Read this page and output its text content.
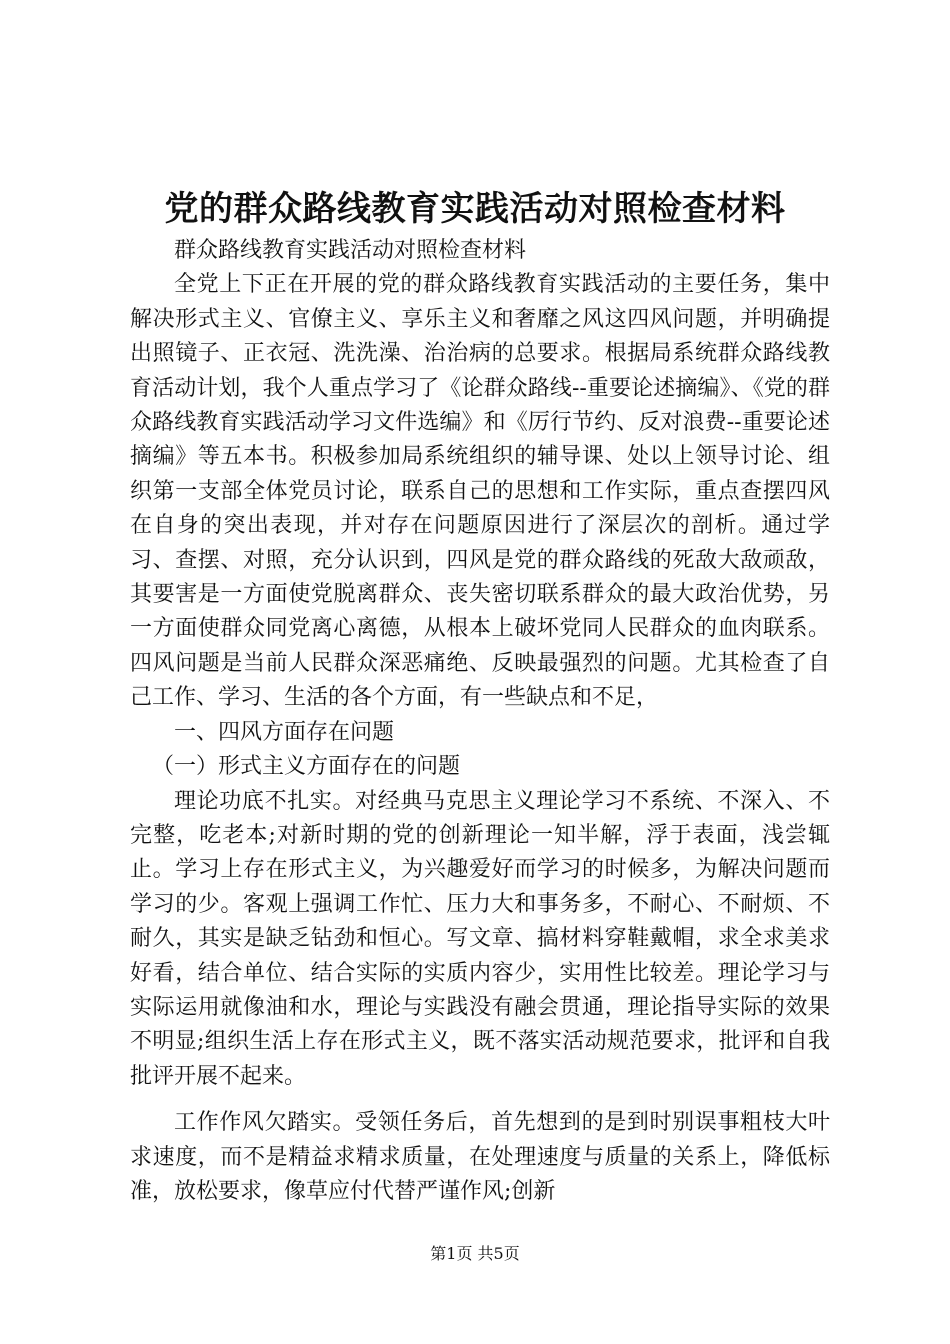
党的群众路线教育实践活动对照检查材料

群众路线教育实践活动对照检查材料

全党上下正在开展的党的群众路线教育实践活动的主要任务，集中解决形式主义、官僚主义、享乐主义和奢靡之风这四风问题，并明确提出照镜子、正衣冠、洗洗澡、治治病的总要求。根据局系统群众路线教育活动计划，我个人重点学习了《论群众路线--重要论述摘编》、《党的群众路线教育实践活动学习文件选编》和《厉行节约、反对浪费--重要论述摘编》等五本书。积极参加局系统组织的辅导课、处以上领导讨论、组织第一支部全体党员讨论，联系自己的思想和工作实际，重点查摆四风在自身的突出表现，并对存在问题原因进行了深层次的剖析。通过学习、查摆、对照，充分认识到，四风是党的群众路线的死敌大敌顽敌，其要害是一方面使党脱离群众、丧失密切联系群众的最大政治优势，另一方面使群众同党离心离德，从根本上破坏党同人民群众的血肉联系。四风问题是当前人民群众深恶痛绝、反映最强烈的问题。尤其检查了自己工作、学习、生活的各个方面，有一些缺点和不足，

一、四风方面存在问题

（一）形式主义方面存在的问题

理论功底不扎实。对经典马克思主义理论学习不系统、不深入、不完整，吃老本;对新时期的党的创新理论一知半解，浮于表面，浅尝辄止。学习上存在形式主义，为兴趣爱好而学习的时候多，为解决问题而学习的少。客观上强调工作忙、压力大和事务多，不耐心、不耐烦、不耐久，其实是缺乏钻劲和恒心。写文章、搞材料穿鞋戴帽，求全求美求好看，结合单位、结合实际的实质内容少，实用性比较差。理论学习与实际运用就像油和水，理论与实践没有融会贯通，理论指导实际的效果不明显;组织生活上存在形式主义，既不落实活动规范要求，批评和自我批评开展不起来。

工作作风欠踏实。受领任务后，首先想到的是到时别误事粗枝大叶求速度，而不是精益求精求质量，在处理速度与质量的关系上，降低标准，放松要求，像草应付代替严谨作风;创新

第1页 共5页
